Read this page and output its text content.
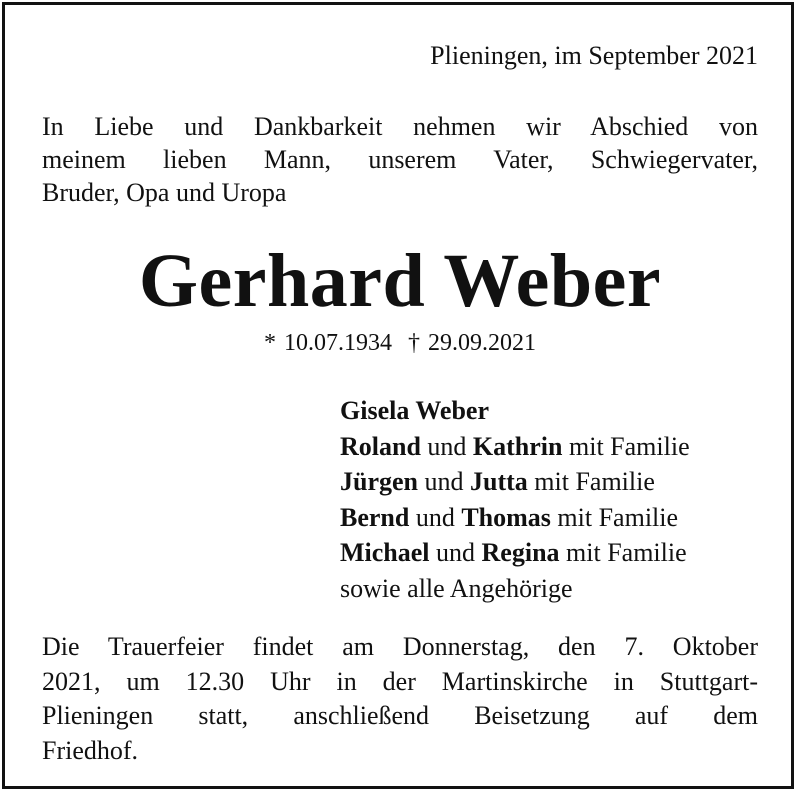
Plieningen, im September 2021

In Liebe und Dankbarkeit nehmen wir Abschied von
meinem lieben Mann, unserem Vater, Schwiegervater,
Bruder, Opa und Uropa

Gerhard Weber

* 10.07.1934 † 29.09.2021

Gisela Weber
Roland und Kathrin mit Familie
Jürgen und Jutta mit Familie
Bernd und Thomas mit Familie
Michael und Regina mit Familie
sowie alle Angehörige

Die Trauerfeier findet am Donnerstag, den 7. Oktober
2021, um 12.30 Uhr in der Martinskirche in Stuttgart-
Plieningen statt, anschließend Beisetzung auf dem
Friedhof.
